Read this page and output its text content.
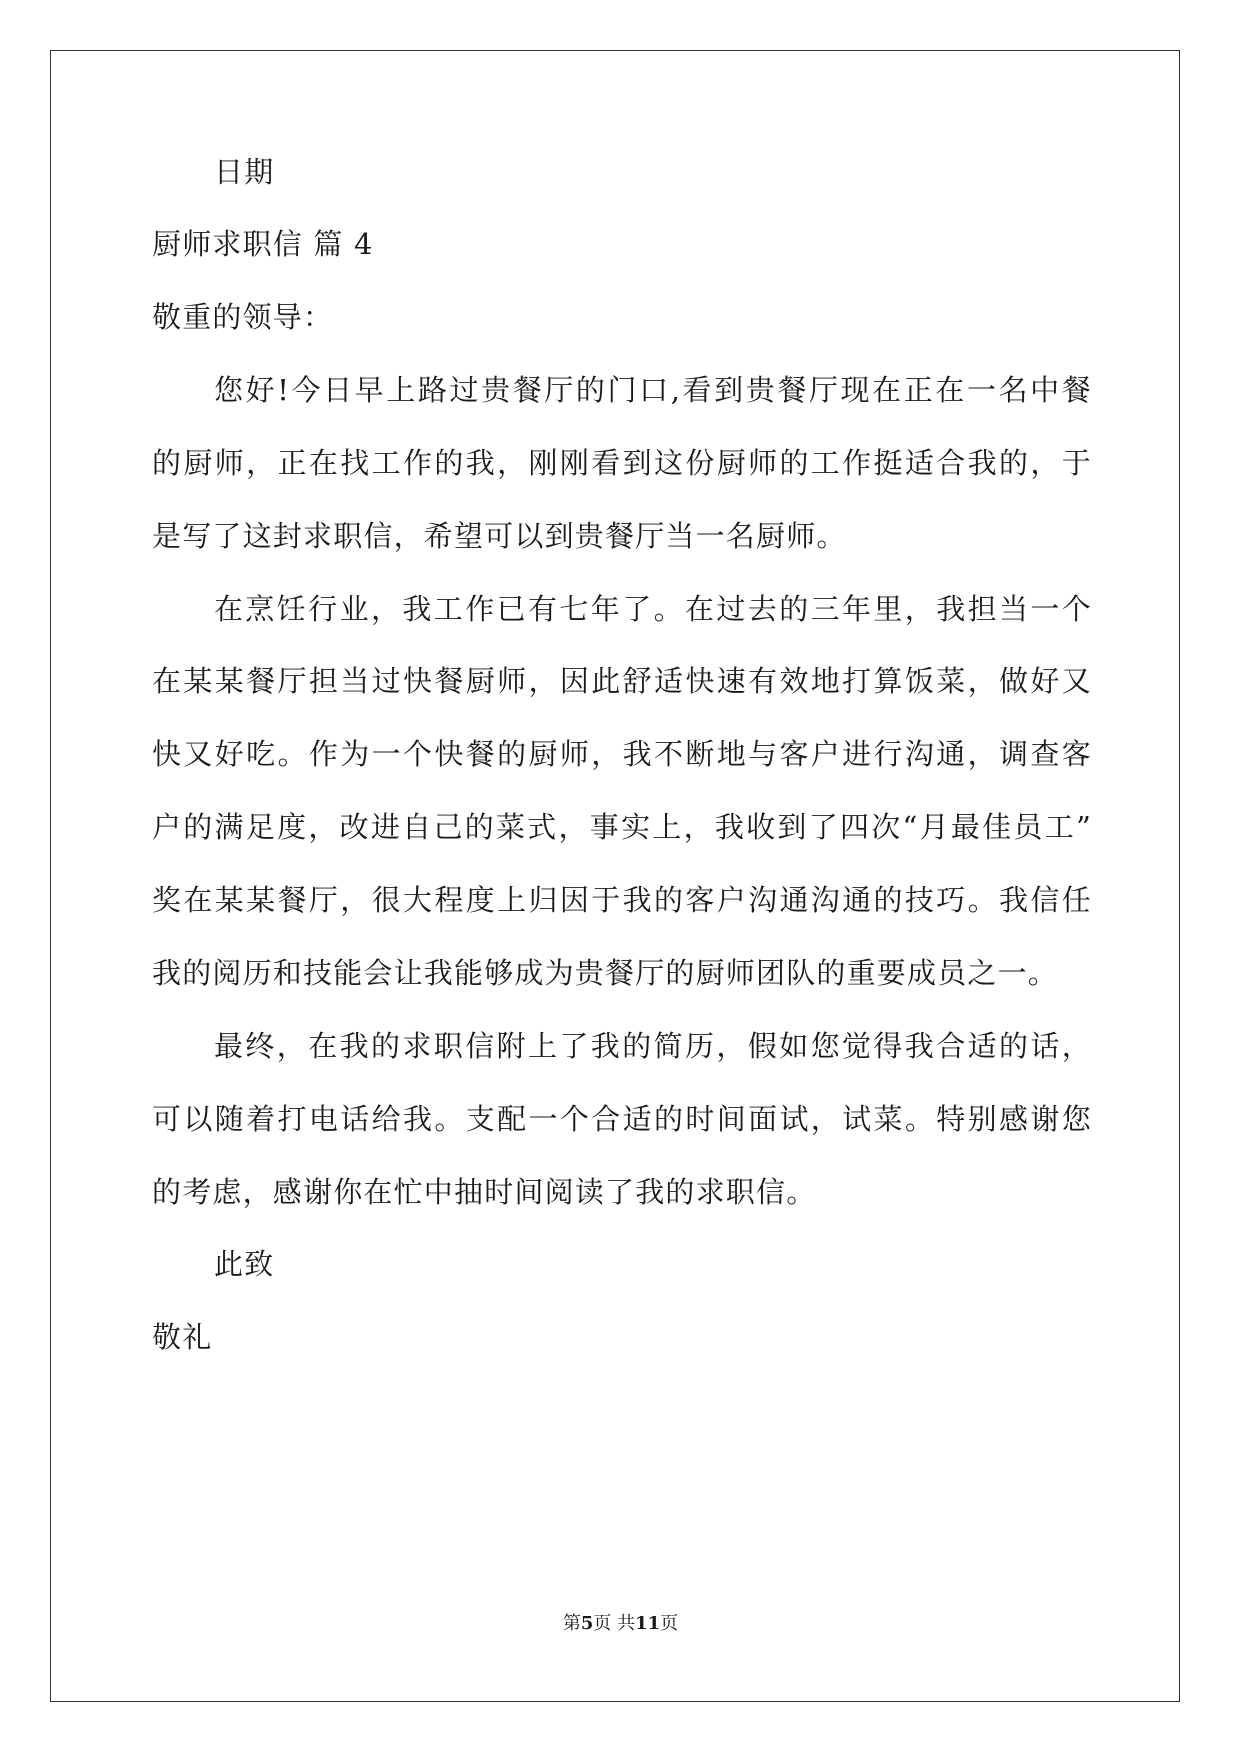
日期
厨师求职信 篇 4
敬重的领导：
您好!今日早上路过贵餐厅的门口,看到贵餐厅现在正在一名中餐
的厨师，正在找工作的我，刚刚看到这份厨师的工作挺适合我的，于
是写了这封求职信，希望可以到贵餐厅当一名厨师。
在烹饪行业，我工作已有七年了。在过去的三年里，我担当一个
在某某餐厅担当过快餐厨师，因此舒适快速有效地打算饭菜，做好又
快又好吃。作为一个快餐的厨师，我不断地与客户进行沟通，调查客
户的满足度，改进自己的菜式，事实上，我收到了四次“月最佳员工”
奖在某某餐厅，很大程度上归因于我的客户沟通沟通的技巧。我信任
我的阅历和技能会让我能够成为贵餐厅的厨师团队的重要成员之一。
最终，在我的求职信附上了我的简历，假如您觉得我合适的话，
可以随着打电话给我。支配一个合适的时间面试，试菜。特别感谢您
的考虑，感谢你在忙中抽时间阅读了我的求职信。
此致
敬礼
第5页 共11页
